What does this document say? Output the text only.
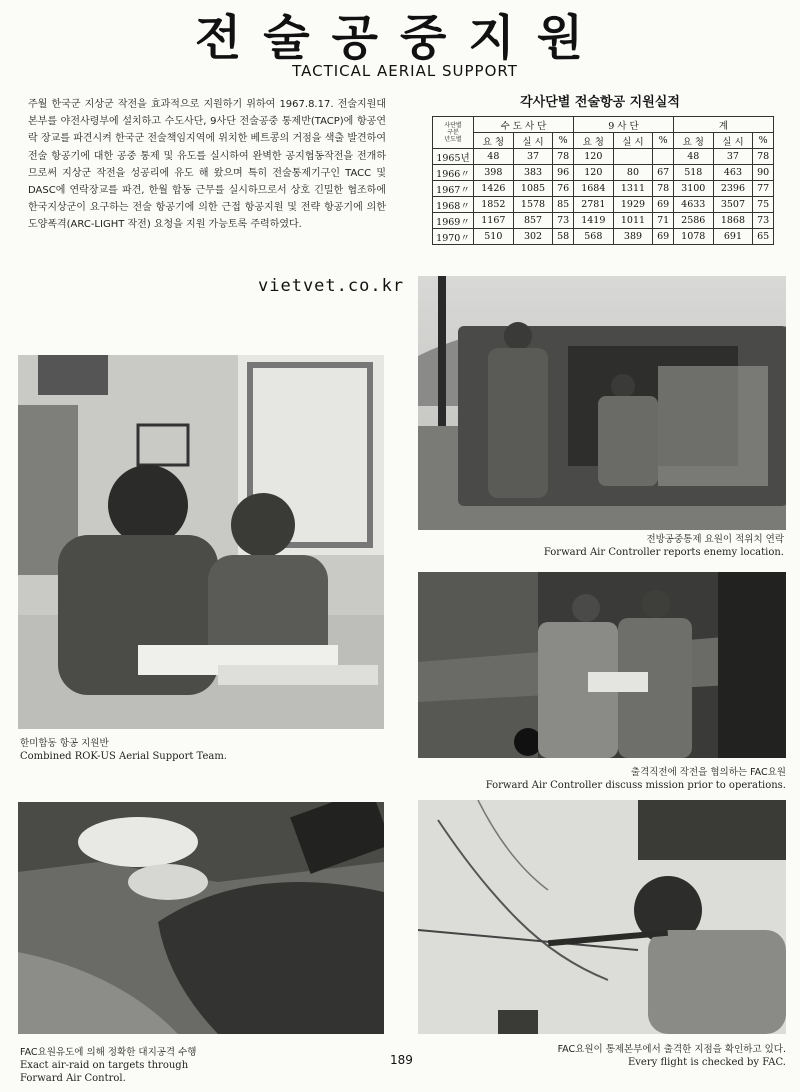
전술공중지원
TACTICAL AERIAL SUPPORT
주월 한국군 지상군 작전을 효과적으로 지원하기 위하여 1967.8.17. 전술지원대 본부를 야전사령부에 설치하고 수도사단, 9사단 전술공중 통제반(TACP)에 항공연락 장교를 파견시켜 한국군 전술책임지역에 위치한 베트콩의 거점을 색출 발견하여 전술 항공기에 대한 공중 통제 및 유도를 실시하여 완벽한 공지협동작전을 전개하므로써 지상군 작전을 성공리에 유도 해 왔으며 특히 전술통제기구인 TACC 및 DASC에 연락장교를 파견, 한월 합동 근무를 실시하므로서 상호 긴밀한 협조하에 한국지상군이 요구하는 전술 항공기에 의한 근접 항공지원 및 전략 항공기에 의한 도양폭격(ARC-LIGHT 작전) 요청을 지원 가능토록 주력하였다.
vietvet.co.kr
각사단별 전술항공 지원실적
사단별
구분
년도별	수 도 사 단			9 사 단			계		
	요 청	실 시	%	요 청	실 시	%	요 청	실 시	%
1965년	48	37	78	120			48	37	78
1966〃	398	383	96	120	80	67	518	463	90
1967〃	1426	1085	76	1684	1311	78	3100	2396	77
1968〃	1852	1578	85	2781	1929	69	4633	3507	75
1969〃	1167	857	73	1419	1011	71	2586	1868	73
1970〃	510	302	58	568	389	69	1078	691	65
전방공중통제 요원이 적위치 연락
Forward Air Controller reports enemy location.
한미합동 항공 지원반
Combined ROK-US Aerial Support Team.
출격직전에 작전을 협의하는 FAC요원
Forward Air Controller discuss mission prior to operations.
FAC요원유도에 의해 정확한 대지공격 수행
Exact air-raid on targets through
Forward Air Control.
FAC요원이 통제본부에서 출격한 지점을 확인하고 있다.
Every flight is checked by FAC.
189
